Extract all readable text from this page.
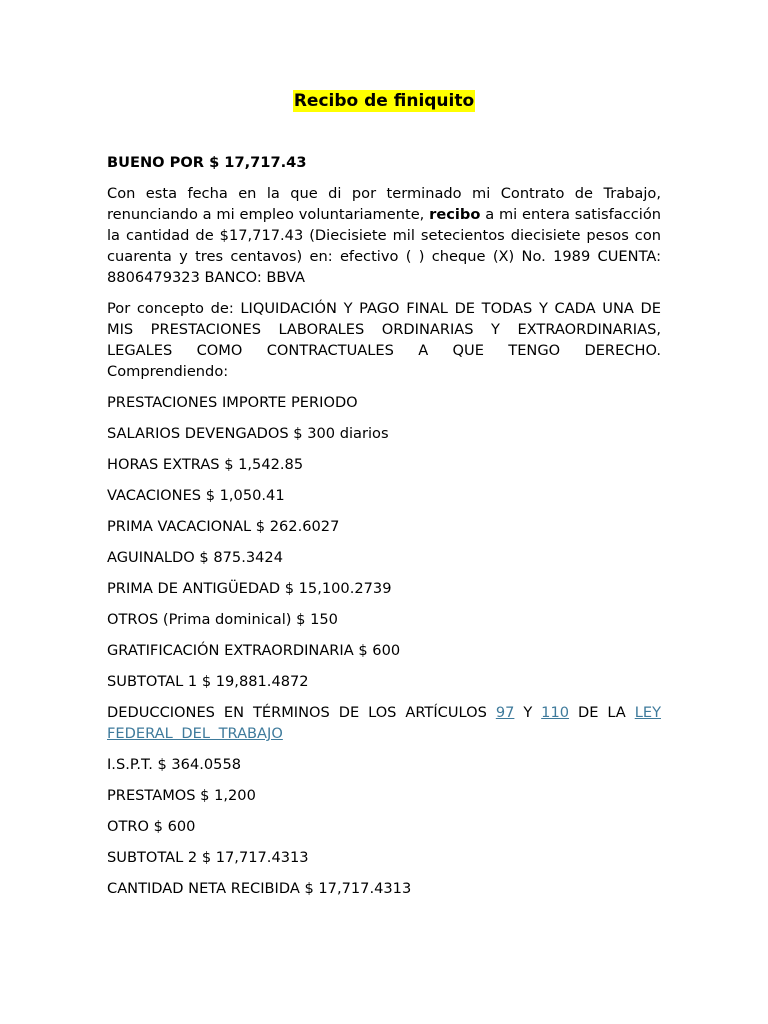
Recibo de finiquito

BUENO POR $ 17,717.43

Con esta fecha en la que di por terminado mi Contrato de Trabajo, renunciando a mi empleo voluntariamente, recibo a mi entera satisfacción la cantidad de $17,717.43 (Diecisiete mil setecientos diecisiete pesos con cuarenta y tres centavos) en: efectivo ( ) cheque (X) No. 1989 CUENTA: 8806479323 BANCO: BBVA

Por concepto de: LIQUIDACIÓN Y PAGO FINAL DE TODAS Y CADA UNA DE MIS PRESTACIONES LABORALES ORDINARIAS Y EXTRAORDINARIAS, LEGALES COMO CONTRACTUALES A QUE TENGO DERECHO. Comprendiendo:

PRESTACIONES IMPORTE PERIODO

SALARIOS DEVENGADOS $ 300 diarios

HORAS EXTRAS $ 1,542.85

VACACIONES $ 1,050.41

PRIMA VACACIONAL $ 262.6027

AGUINALDO $ 875.3424

PRIMA DE ANTIGÜEDAD $ 15,100.2739

OTROS (Prima dominical) $ 150

GRATIFICACIÓN EXTRAORDINARIA $ 600

SUBTOTAL 1 $ 19,881.4872

DEDUCCIONES EN TÉRMINOS DE LOS ARTÍCULOS 97 Y 110 DE LA LEY FEDERAL DEL TRABAJO

I.S.P.T. $ 364.0558

PRESTAMOS $ 1,200

OTRO $ 600

SUBTOTAL 2 $ 17,717.4313

CANTIDAD NETA RECIBIDA $ 17,717.4313
